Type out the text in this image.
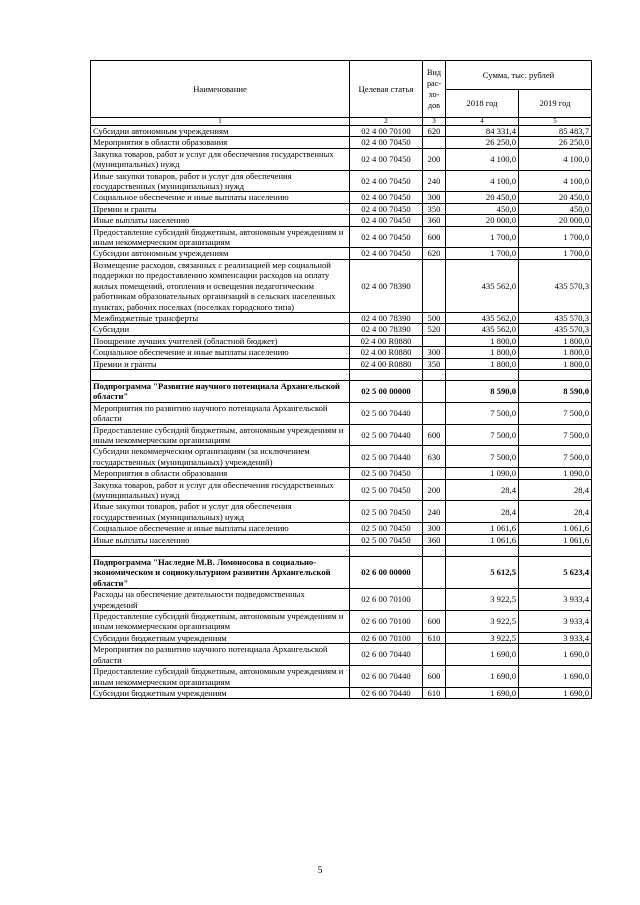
Наименование	Целевая статья	Вид рас-хо-дов	Сумма, тыс. рублей	
			2018 год	2019 год
1	2	3	4	5
Субсидии автономным учреждениям	02 4 00 70100	620	84 331,4	85 483,7
Мероприятия в области образования	02 4 00 70450		26 250,0	26 250,0
Закупка товаров, работ и услуг для обеспечения государственных (муниципальных) нужд	02 4 00 70450	200	4 100,0	4 100,0
Иные закупки товаров, работ и услуг для обеспечения государственных (муниципальных) нужд	02 4 00 70450	240	4 100,0	4 100,0
Социальное обеспечение и иные выплаты населению	02 4 00 70450	300	20 450,0	20 450,0
Премии и гранты	02 4 00 70450	350	450,0	450,0
Иные выплаты населению	02 4 00 70450	360	20 000,0	20 000,0
Предоставление субсидий бюджетным, автономным учреждениям и иным некоммерческим организациям	02 4 00 70450	600	1 700,0	1 700,0
Субсидии автономным учреждениям	02 4 00 70450	620	1 700,0	1 700,0
Возмещение расходов, связанных с реализацией мер социальной поддержки по предоставлению компенсации расходов на оплату жилых помещений, отопления и освещения педагогическим работникам образовательных организаций в сельских населенных пунктах, рабочих поселках (поселках городского типа)	02 4 00 78390		435 562,0	435 570,3
Межбюджетные трансферты	02 4 00 78390	500	435 562,0	435 570,3
Субсидии	02 4 00 78390	520	435 562,0	435 570,3
Поощрение лучших учителей (областной бюджет)	02 4 00 R0880		1 800,0	1 800,0
Социальное обеспечение и иные выплаты населению	02 4 00 R0880	300	1 800,0	1 800,0
Премии и гранты	02 4 00 R0880	350	1 800,0	1 800,0

Подпрограмма "Развитие научного потенциала Архангельской области"	02 5 00 00000		8 590,0	8 590,0
Мероприятия по развитию научного потенциала Архангельской области	02 5 00 70440		7 500,0	7 500,0
Предоставление субсидий бюджетным, автономным учреждениям и иным некоммерческим организациям	02 5 00 70440	600	7 500,0	7 500,0
Субсидии некоммерческим организациям (за исключением государственных (муниципальных) учреждений)	02 5 00 70440	630	7 500,0	7 500,0
Мероприятия в области образования	02 5 00 70450		1 090,0	1 090,0
Закупка товаров, работ и услуг для обеспечения государственных (муниципальных) нужд	02 5 00 70450	200	28,4	28,4
Иные закупки товаров, работ и услуг для обеспечения государственных (муниципальных) нужд	02 5 00 70450	240	28,4	28,4
Социальное обеспечение и иные выплаты населению	02 5 00 70450	300	1 061,6	1 061,6
Иные выплаты населению	02 5 00 70450	360	1 061,6	1 061,6

Подпрограмма "Наследие М.В. Ломоносова в социально-экономическом и социокультурном развитии Архангельской области"	02 6 00 00000		5 612,5	5 623,4
Расходы на обеспечение деятельности подведомственных учреждений	02 6 00 70100		3 922,5	3 933,4
Предоставление субсидий бюджетным, автономным учреждениям и иным некоммерческим организациям	02 6 00 70100	600	3 922,5	3 933,4
Субсидии бюджетным учреждениям	02 6 00 70100	610	3 922,5	3 933,4
Мероприятия по развитию научного потенциала Архангельской области	02 6 00 70440		1 690,0	1 690,0
Предоставление субсидий бюджетным, автономным учреждениям и иным некоммерческим организациям	02 6 00 70440	600	1 690,0	1 690,0
Субсидии бюджетным учреждениям	02 6 00 70440	610	1 690,0	1 690,0
5
